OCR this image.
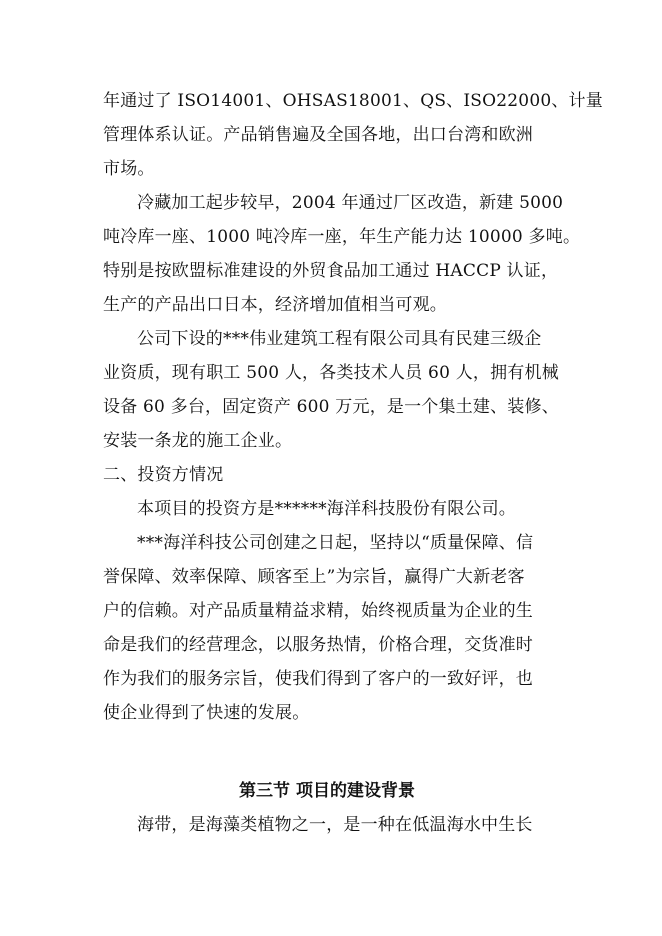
年通过了 ISO14001、OHSAS18001、QS、ISO22000、计量
管理体系认证。产品销售遍及全国各地，出口台湾和欧洲
市场。
冷藏加工起步较早，2004 年通过厂区改造，新建 5000
吨冷库一座、1000 吨冷库一座，年生产能力达 10000 多吨。
特别是按欧盟标准建设的外贸食品加工通过 HACCP 认证，
生产的产品出口日本，经济增加值相当可观。
公司下设的***伟业建筑工程有限公司具有民建三级企
业资质，现有职工 500 人，各类技术人员 60 人，拥有机械
设备 60 多台，固定资产 600 万元，是一个集土建、装修、
安装一条龙的施工企业。
二、投资方情况
本项目的投资方是******海洋科技股份有限公司。
***海洋科技公司创建之日起，坚持以“质量保障、信
誉保障、效率保障、顾客至上”为宗旨，赢得广大新老客
户的信赖。对产品质量精益求精，始终视质量为企业的生
命是我们的经营理念，以服务热情，价格合理，交货准时
作为我们的服务宗旨，使我们得到了客户的一致好评，也
使企业得到了快速的发展。
第三节 项目的建设背景
海带，是海藻类植物之一，是一种在低温海水中生长
